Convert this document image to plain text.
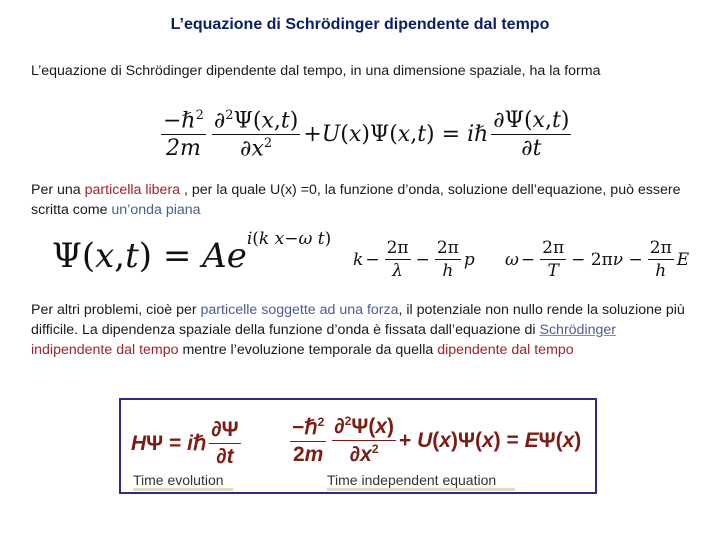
L’equazione di Schrödinger dipendente dal tempo
L’equazione di Schrödinger dipendente dal tempo, in una dimensione spaziale, ha la forma
$\frac{-\hbar^2}{2m} \frac{\partial^2\Psi(x,t)}{\partial x^2} +U(x)\Psi(x,t)$ = iℏ $\frac{\partial\Psi(x,t)}{\partial t}$
Per una particella libera , per la quale U(x) =0, la funzione d’onda, soluzione dell’equazione, può essere scritta come un’onda piana
Ψ(x,t) = Ae i(k x−ω t)
$k - \frac{2\pi}{\lambda} - \frac{2\pi}{h}$ p $\omega - \frac{2\pi}{T} - 2\pi\nu - \frac{2\pi}{h}$ E
Per altri problemi, cioè per particelle soggette ad una forza, il potenziale non nullo rende la soluzione più difficile. La dipendenza spaziale della funzione d’onda è fissata dall’equazione di Schrödinger indipendente dal tempo mentre l’evoluzione temporale da quella dipendente dal tempo
HΨ = iℏ $\frac{\partial\Psi}{\partial t} \frac{-\hbar^2}{2m} \frac{\partial^2\Psi(x)}{\partial x^2} + U(x)\Psi(x) = E\Psi(x)$
Time evolution	Time independent equation
